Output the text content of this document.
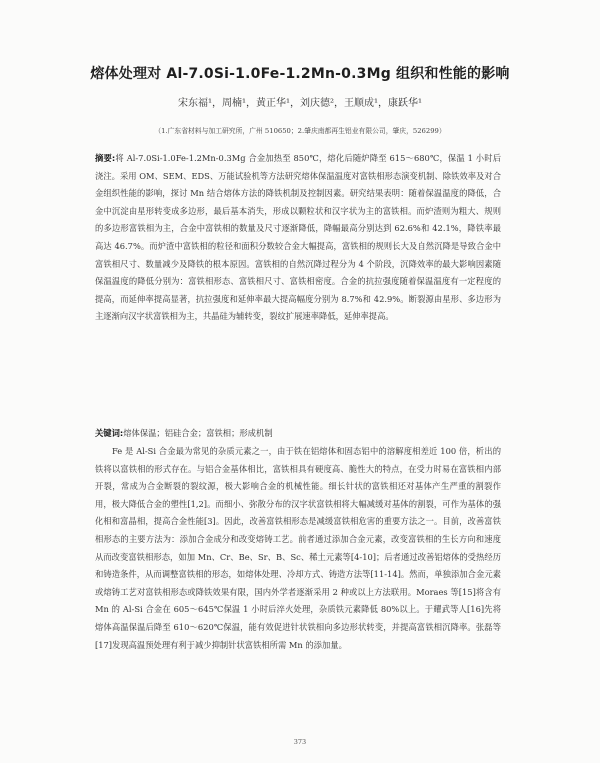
熔体处理对 Al-7.0Si-1.0Fe-1.2Mn-0.3Mg 组织和性能的影响
宋东福¹，周楠¹，黄正华¹，刘庆德²，王顺成¹，康跃华¹
（1.广东省材料与加工研究所，广州 510650；2.肇庆南都再生铝业有限公司，肇庆，526299）
摘要:将 Al-7.0Si-1.0Fe-1.2Mn-0.3Mg 合金加热至 850℃，熔化后随炉降至 615～680℃，保温 1 小时后浇注。采用 OM、SEM、EDS、万能试验机等方法研究熔体保温温度对富铁相形态演变机制、除铁效率及对合金组织性能的影响，探讨 Mn 结合熔体方法的降铁机制及控制因素。研究结果表明：随着保温温度的降低，合金中沉淀由星形转变成多边形，最后基本消失，形成以颗粒状和汉字状为主的富铁相。而炉渣则为粗大、规则的多边形富铁相为主，合金中富铁相的数量及尺寸逐渐降低，降幅最高分别达到 62.6%和 42.1%，降铁率最高达 46.7%。而炉渣中富铁相的粒径和面积分数较合金大幅提高，富铁相的规则长大及自然沉降是导致合金中富铁相尺寸、数量减少及降铁的根本原因。富铁相的自然沉降过程分为 4 个阶段，沉降效率的最大影响因素随保温温度的降低分别为：富铁相形态、富铁相尺寸、富铁相密度。合金的抗拉强度随着保温温度有一定程度的提高，而延伸率提高显著，抗拉强度和延伸率最大提高幅度分别为 8.7%和 42.9%。断裂源由星形、多边形为主逐渐向汉字状富铁相为主，共晶硅为辅转变，裂纹扩展速率降低，延伸率提高。
关键词:熔体保温；铝硅合金；富铁相；形成机制
Fe 是 Al-Si 合金最为常见的杂质元素之一，由于铁在铝熔体和固态铝中的溶解度相差近 100 倍，析出的铁将以富铁相的形式存在。与铝合金基体相比，富铁相具有硬度高、脆性大的特点，在受力时易在富铁相内部开裂，常成为合金断裂的裂纹源，极大影响合金的机械性能。细长针状的富铁相还对基体产生严重的割裂作用，极大降低合金的塑性[1,2]。而细小、弥散分布的汉字状富铁相将大幅减缓对基体的割裂，可作为基体的强化相和富晶相，提高合金性能[3]。因此，改善富铁相形态是减缓富铁相危害的重要方法之一。目前，改善富铁相形态的主要方法为：添加合金成分和改变熔铸工艺。前者通过添加合金元素，改变富铁相的生长方向和速度从而改变富铁相形态，如加 Mn、Cr、Be、Sr、B、Sc、稀土元素等[4-10]；后者通过改善铝熔体的受热经历和铸造条件，从而调整富铁相的形态，如熔体处理、冷却方式、铸造方法等[11-14]。然而，单独添加合金元素或熔铸工艺对富铁相形态或降铁效果有限，国内外学者逐渐采用 2 种或以上方法联用。Moraes 等[15]将含有 Mn 的 Al-Si 合金在 605～645℃保温 1 小时后淬火处理，杂质铁元素降低 80%以上。于耀武等人[16]先将熔体高温保温后降至 610～620℃保温，能有效促进针状铁相向多边形状转变，并提高富铁相沉降率。张磊等[17]发现高温预处理有利于减少抑制针状富铁相所需 Mn 的添加量。
373
